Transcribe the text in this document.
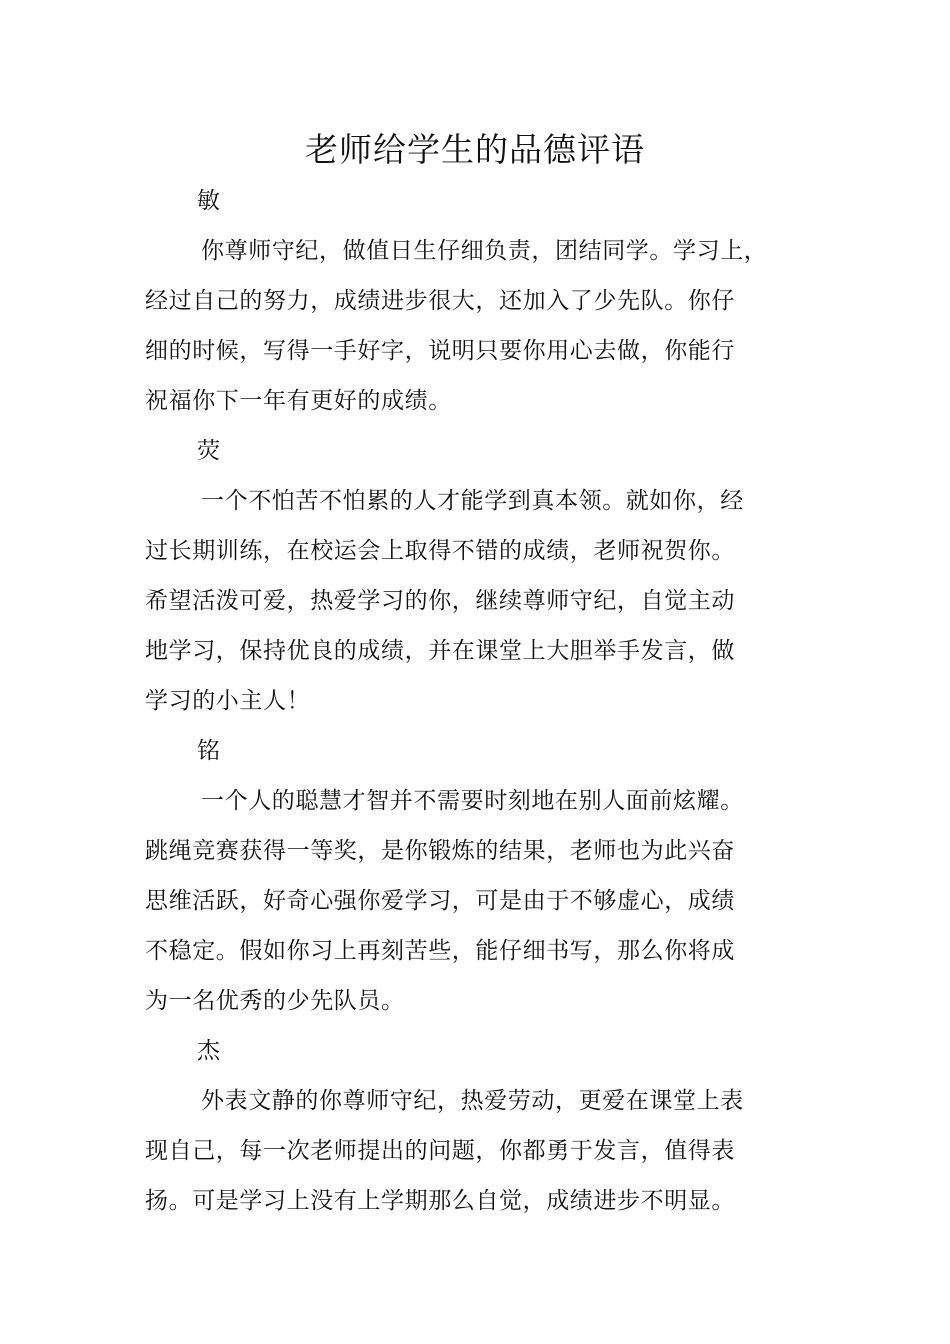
老师给学生的品德评语
敏
你尊师守纪，做值日生仔细负责，团结同学。学习上，
经过自己的努力，成绩进步很大，还加入了少先队。你仔
细的时候，写得一手好字，说明只要你用心去做，你能行
祝福你下一年有更好的成绩。
荧
一个不怕苦不怕累的人才能学到真本领。就如你，经
过长期训练，在校运会上取得不错的成绩，老师祝贺你。
希望活泼可爱，热爱学习的你，继续尊师守纪，自觉主动
地学习，保持优良的成绩，并在课堂上大胆举手发言，做
学习的小主人！
铭
一个人的聪慧才智并不需要时刻地在别人面前炫耀。
跳绳竞赛获得一等奖，是你锻炼的结果，老师也为此兴奋
思维活跃，好奇心强你爱学习，可是由于不够虚心，成绩
不稳定。假如你习上再刻苦些，能仔细书写，那么你将成
为一名优秀的少先队员。
杰
外表文静的你尊师守纪，热爱劳动，更爱在课堂上表
现自己，每一次老师提出的问题，你都勇于发言，值得表
扬。可是学习上没有上学期那么自觉，成绩进步不明显。
